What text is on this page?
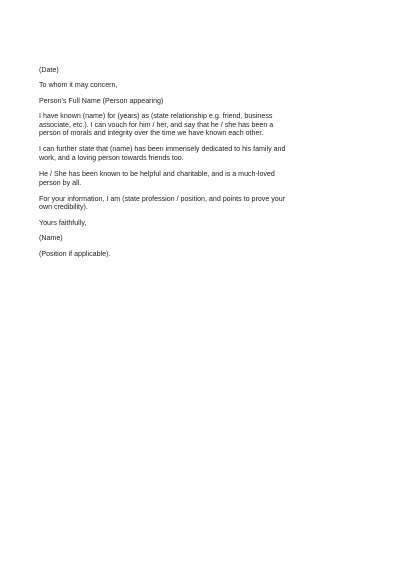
(Date)

To whom it may concern,

Person's Full Name (Person appearing)

I have known (name) for (years) as (state relationship e.g. friend, business associate, etc.). I can vouch for him / her, and say that he / she has been a person of morals and integrity over the time we have known each other.

I can further state that (name) has been immensely dedicated to his family and work, and a loving person towards friends too.

He / She has been known to be helpful and charitable, and is a much-loved person by all.

For your information, I am (state profession / position, and points to prove your own credibility).

Yours faithfully,

(Name)

(Position if applicable).
